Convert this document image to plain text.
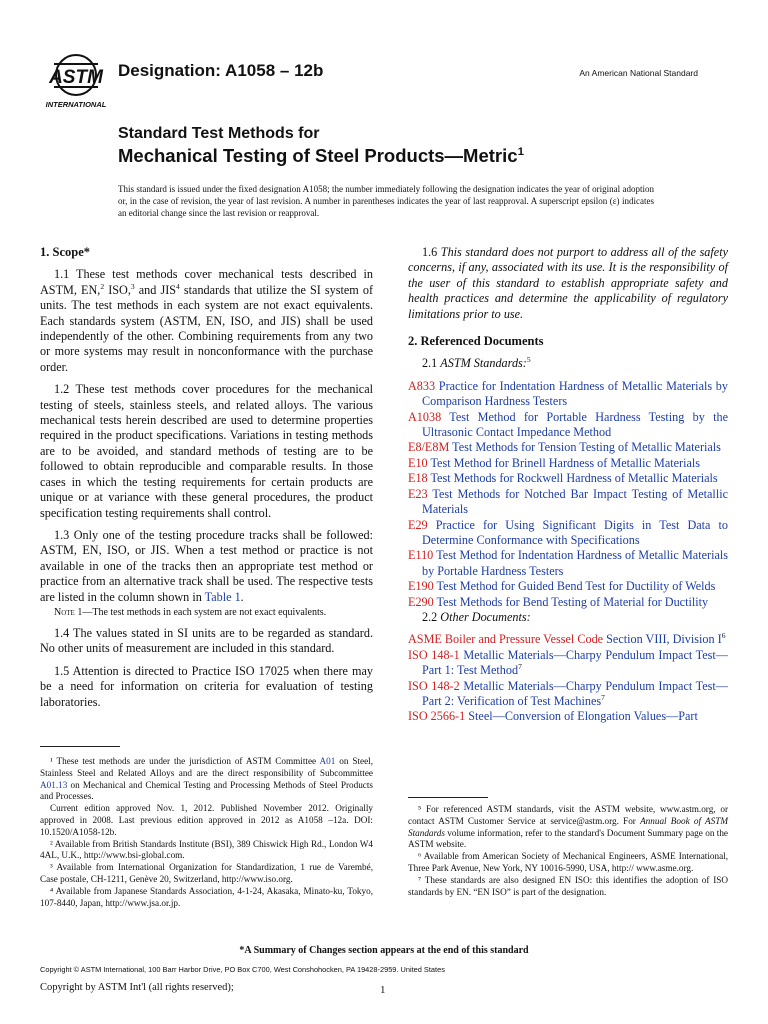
ASTM
INTERNATIONAL
Designation: A1058 – 12b	An American National Standard
Standard Test Methods for
Mechanical Testing of Steel Products—Metric$^1$
This standard is issued under the fixed designation A1058; the number immediately following the designation indicates the year of original adoption or, in the case of revision, the year of last revision. A number in parentheses indicates the year of last reapproval. A superscript epsilon (ε) indicates an editorial change since the last revision or reapproval.

1. Scope*

1.1 These test methods cover mechanical tests described in ASTM, EN,$^2$ ISO,$^3$ and JIS$^4$ standards that utilize the SI system of units. The test methods in each system are not exact equivalents. Each standards system (ASTM, EN, ISO, and JIS) shall be used independently of the other. Combining requirements from any two or more systems may result in nonconformance with the purchase order.

1.2 These test methods cover procedures for the mechanical testing of steels, stainless steels, and related alloys. The various mechanical tests herein described are used to determine properties required in the product specifications. Variations in testing methods are to be avoided, and standard methods of testing are to be followed to obtain reproducible and comparable results. In those cases in which the testing requirements for certain products are unique or at variance with these general procedures, the product specification testing requirements shall control.

1.3 Only one of the testing procedure tracks shall be followed: ASTM, EN, ISO, or JIS. When a test method or practice is not available in one of the tracks then an appropriate test method or practice from an alternative track shall be used. The respective tests are listed in the column shown in Table 1.

Note 1—The test methods in each system are not exact equivalents.

1.4 The values stated in SI units are to be regarded as standard. No other units of measurement are included in this standard.

1.5 Attention is directed to Practice ISO 17025 when there may be a need for information on criteria for evaluation of testing laboratories.

1.6 This standard does not purport to address all of the safety concerns, if any, associated with its use. It is the responsibility of the user of this standard to establish appropriate safety and health practices and determine the applicability of regulatory limitations prior to use.

2. Referenced Documents

2.1 ASTM Standards:$^5$

A833 Practice for Indentation Hardness of Metallic Materials by Comparison Hardness Testers
A1038 Test Method for Portable Hardness Testing by the Ultrasonic Contact Impedance Method
E8/E8M Test Methods for Tension Testing of Metallic Materials
E10 Test Method for Brinell Hardness of Metallic Materials
E18 Test Methods for Rockwell Hardness of Metallic Materials
E23 Test Methods for Notched Bar Impact Testing of Metallic Materials
E29 Practice for Using Significant Digits in Test Data to Determine Conformance with Specifications
E110 Test Method for Indentation Hardness of Metallic Materials by Portable Hardness Testers
E190 Test Method for Guided Bend Test for Ductility of Welds
E290 Test Methods for Bend Testing of Material for Ductility

2.2 Other Documents:

ASME Boiler and Pressure Vessel Code Section VIII, Division $I^6$
ISO 148-1 Metallic Materials—Charpy Pendulum Impact Test—Part 1: Test Method$^7$
ISO 148-2 Metallic Materials—Charpy Pendulum Impact Test—Part 2: Verification of Test Machines$^7$
ISO 2566-1 Steel—Conversion of Elongation Values—Part

¹ These test methods are under the jurisdiction of ASTM Committee A01 on Steel, Stainless Steel and Related Alloys and are the direct responsibility of Subcommittee A01.13 on Mechanical and Chemical Testing and Processing Methods of Steel Products and Processes.

Current edition approved Nov. 1, 2012. Published November 2012. Originally approved in 2008. Last previous edition approved in 2012 as A1058 –12a. DOI: 10.1520/A1058-12b.

² Available from British Standards Institute (BSI), 389 Chiswick High Rd., London W4 4AL, U.K., http://www.bsi-global.com.

³ Available from International Organization for Standardization, 1 rue de Varembé, Case postale, CH-1211, Genève 20, Switzerland, http://www.iso.org.

⁴ Available from Japanese Standards Association, 4-1-24, Akasaka, Minato-ku, Tokyo, 107-8440, Japan, http://www.jsa.or.jp.

⁵ For referenced ASTM standards, visit the ASTM website, www.astm.org, or contact ASTM Customer Service at service@astm.org. For Annual Book of ASTM Standards volume information, refer to the standard's Document Summary page on the ASTM website.

⁶ Available from American Society of Mechanical Engineers, ASME International, Three Park Avenue, New York, NY 10016-5990, USA, http:// www.asme.org.

⁷ These standards are also designed EN ISO: this identifies the adoption of ISO standards by EN. “EN ISO” is part of the designation.

*A Summary of Changes section appears at the end of this standard
Copyright © ASTM International, 100 Barr Harbor Drive, PO Box C700, West Conshohocken, PA 19428-2959. United States
Copyright by ASTM Int'l (all rights reserved);	1
